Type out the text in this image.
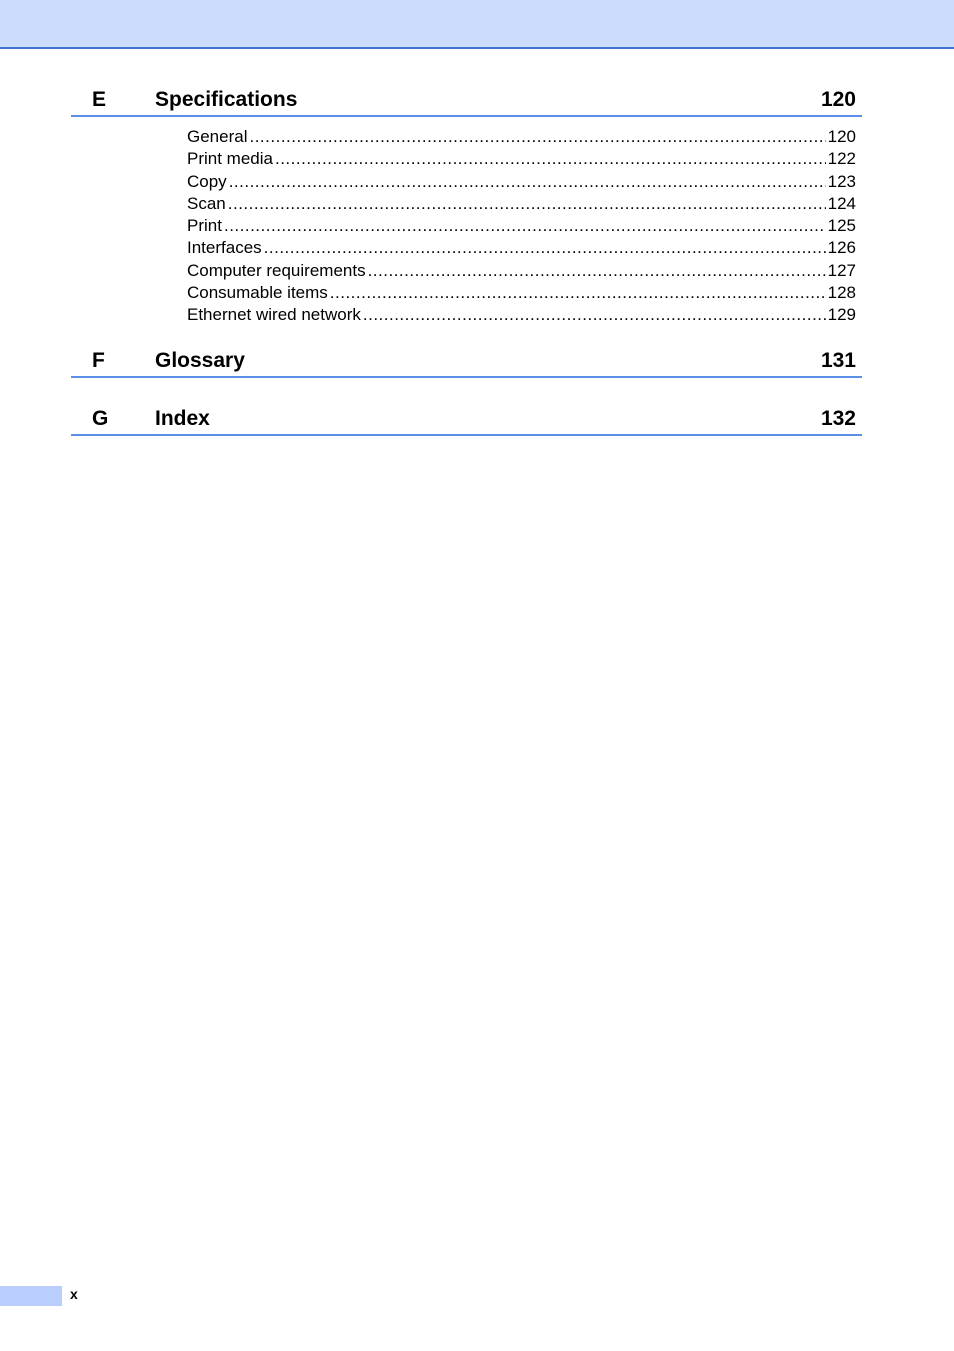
E Specifications	120
General .....	120
Print media .....	122
Copy .....	123
Scan .....	124
Print .....	125
Interfaces .....	126
Computer requirements .....	127
Consumable items .....	128
Ethernet wired network .....	129
F Glossary	131
G Index	132
x
